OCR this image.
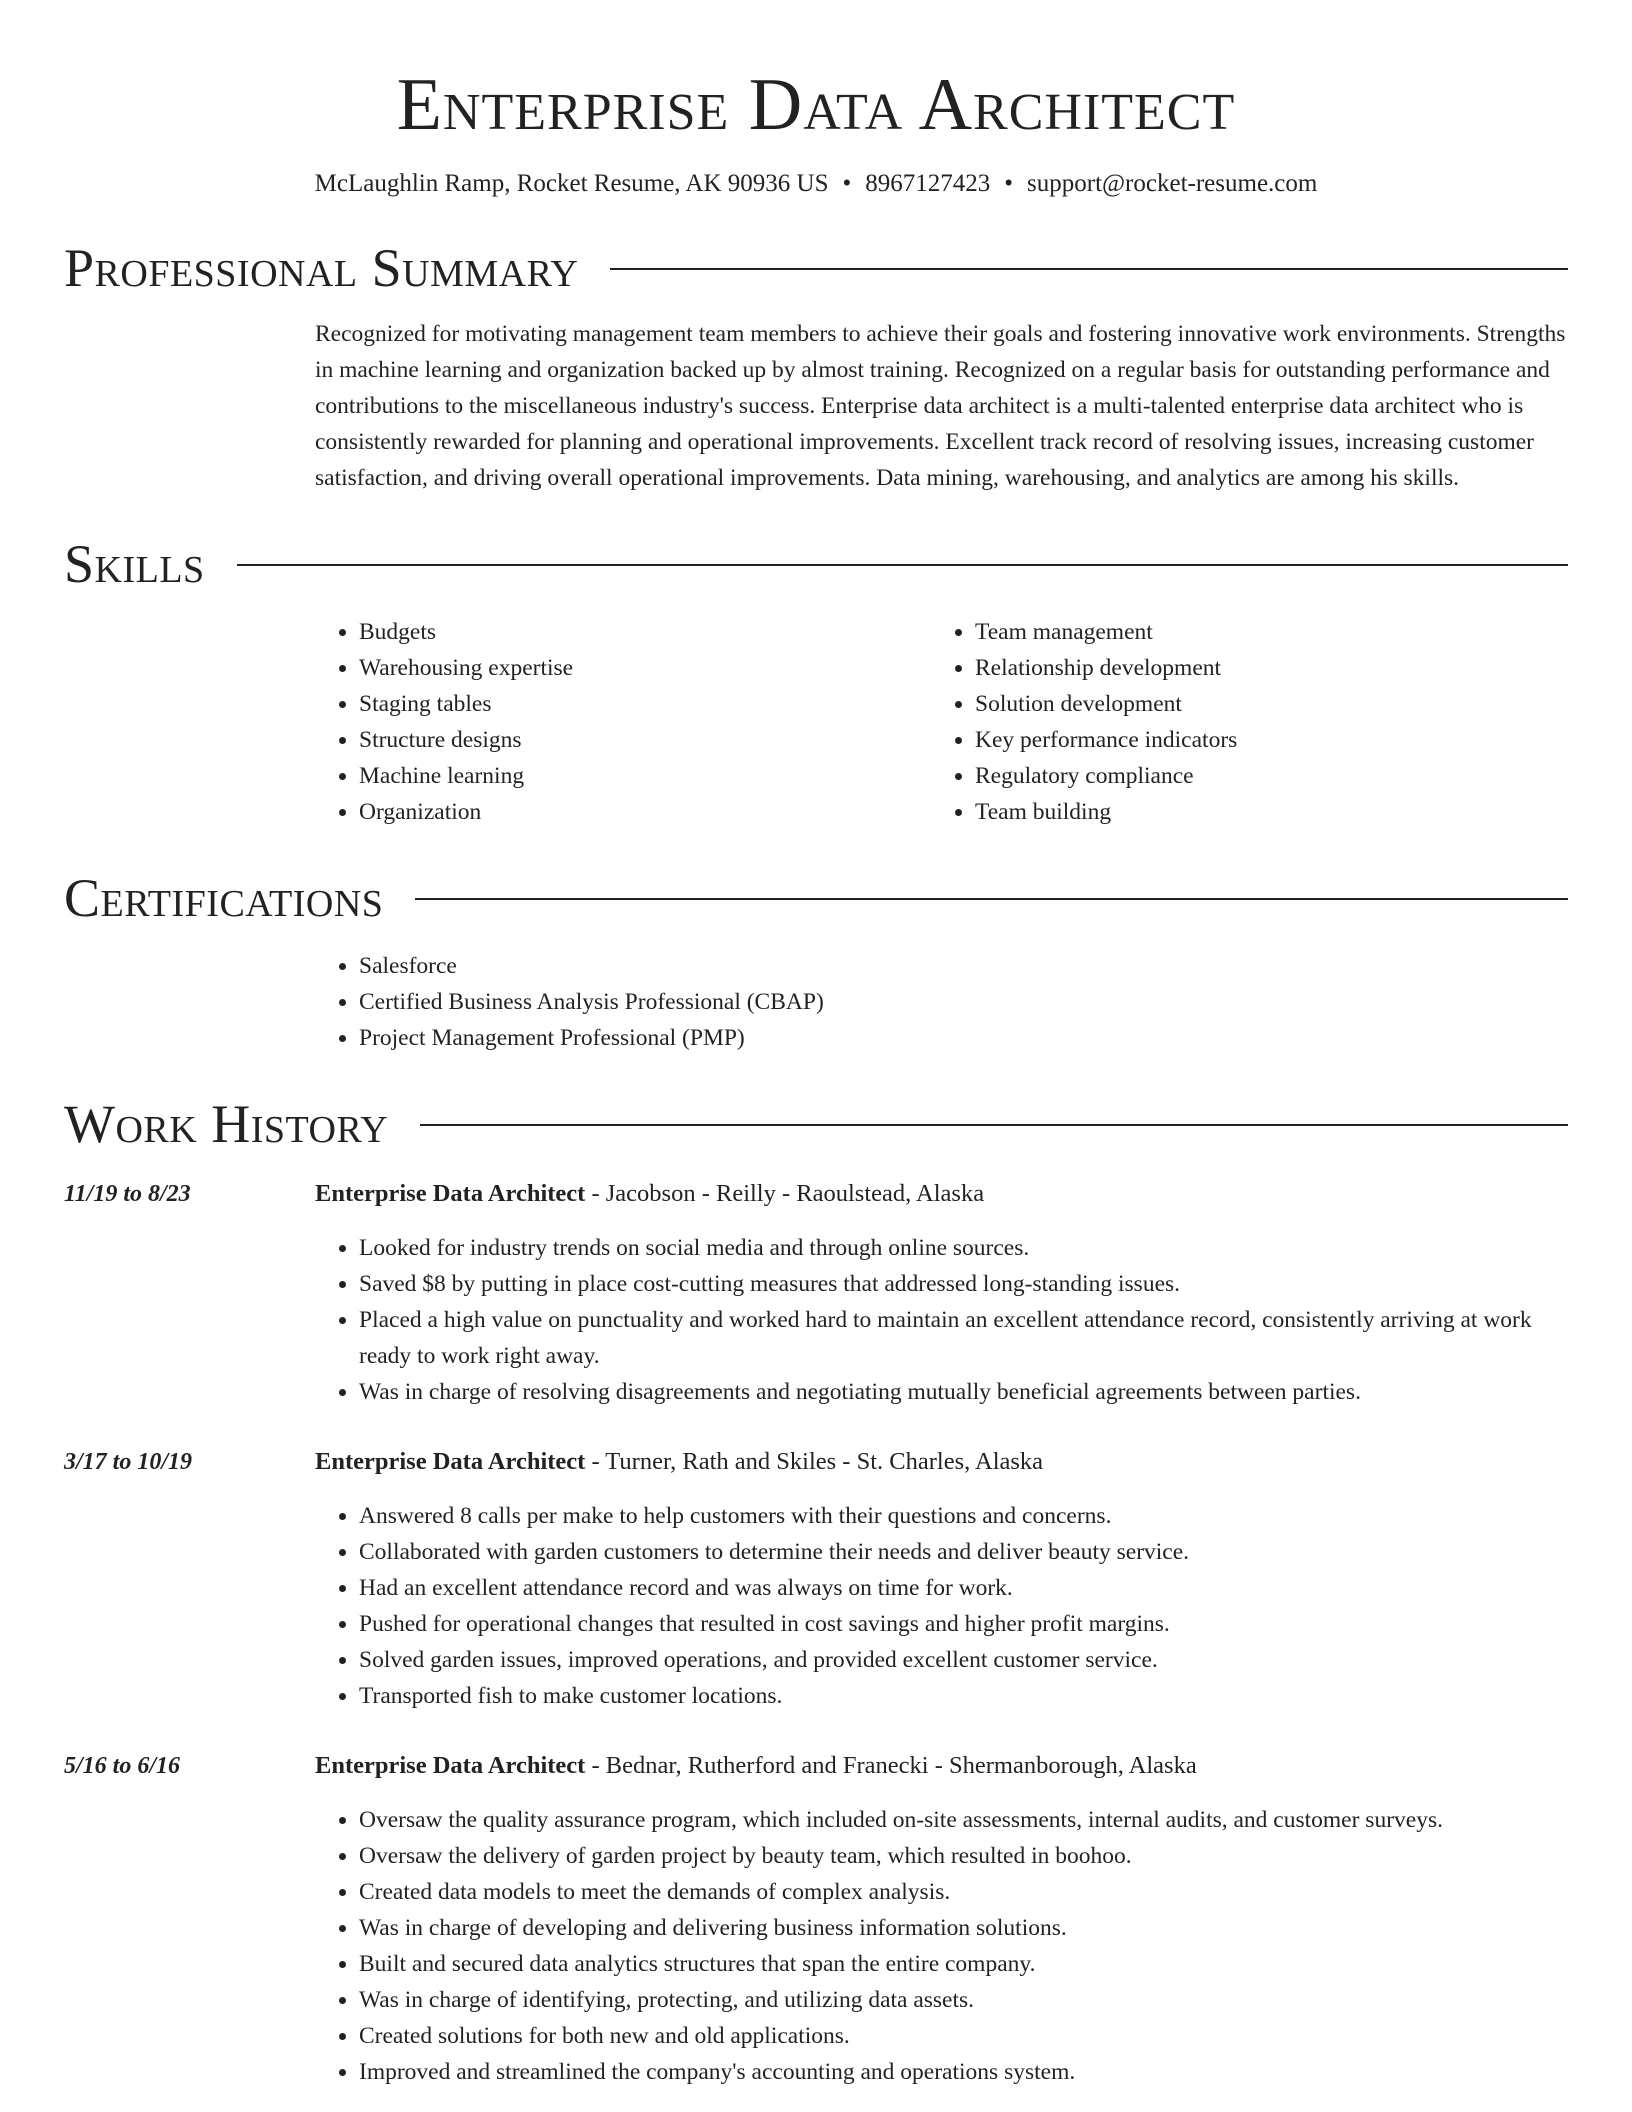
Enterprise Data Architect
McLaughlin Ramp, Rocket Resume, AK 90936 US • 8967127423 • support@rocket-resume.com
Professional Summary
Recognized for motivating management team members to achieve their goals and fostering innovative work environments. Strengths in machine learning and organization backed up by almost training. Recognized on a regular basis for outstanding performance and contributions to the miscellaneous industry's success. Enterprise data architect is a multi-talented enterprise data architect who is consistently rewarded for planning and operational improvements. Excellent track record of resolving issues, increasing customer satisfaction, and driving overall operational improvements. Data mining, warehousing, and analytics are among his skills.
Skills
• Budgets
• Warehousing expertise
• Staging tables
• Structure designs
• Machine learning
• Organization
• Team management
• Relationship development
• Solution development
• Key performance indicators
• Regulatory compliance
• Team building
Certifications
• Salesforce
• Certified Business Analysis Professional (CBAP)
• Project Management Professional (PMP)
Work History
11/19 to 8/23	Enterprise Data Architect - Jacobson - Reilly - Raoulstead, Alaska
• Looked for industry trends on social media and through online sources.
• Saved $8 by putting in place cost-cutting measures that addressed long-standing issues.
• Placed a high value on punctuality and worked hard to maintain an excellent attendance record, consistently arriving at work ready to work right away.
• Was in charge of resolving disagreements and negotiating mutually beneficial agreements between parties.
3/17 to 10/19	Enterprise Data Architect - Turner, Rath and Skiles - St. Charles, Alaska
• Answered 8 calls per make to help customers with their questions and concerns.
• Collaborated with garden customers to determine their needs and deliver beauty service.
• Had an excellent attendance record and was always on time for work.
• Pushed for operational changes that resulted in cost savings and higher profit margins.
• Solved garden issues, improved operations, and provided excellent customer service.
• Transported fish to make customer locations.
5/16 to 6/16	Enterprise Data Architect - Bednar, Rutherford and Franecki - Shermanborough, Alaska
• Oversaw the quality assurance program, which included on-site assessments, internal audits, and customer surveys.
• Oversaw the delivery of garden project by beauty team, which resulted in boohoo.
• Created data models to meet the demands of complex analysis.
• Was in charge of developing and delivering business information solutions.
• Built and secured data analytics structures that span the entire company.
• Was in charge of identifying, protecting, and utilizing data assets.
• Created solutions for both new and old applications.
• Improved and streamlined the company's accounting and operations system.
